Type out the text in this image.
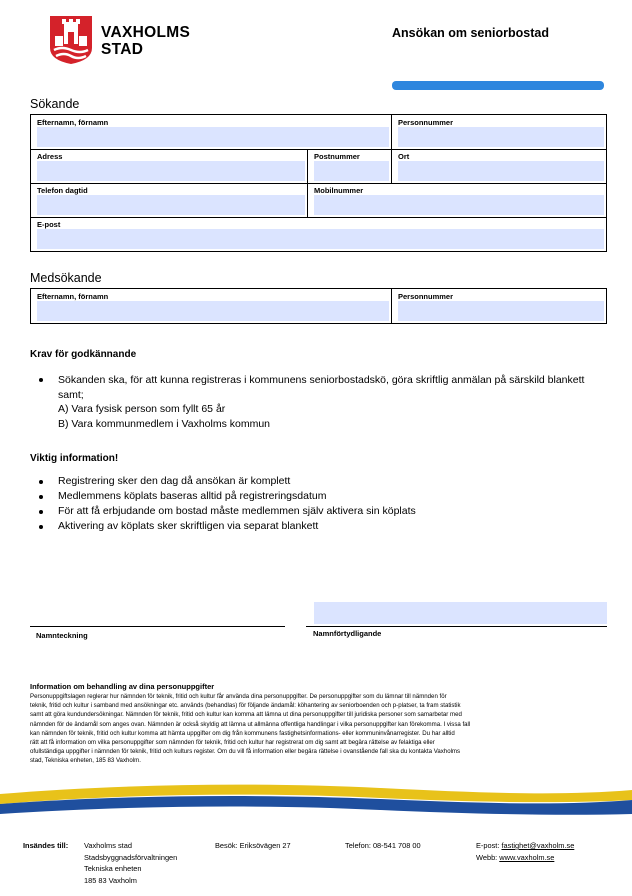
VAXHOLMS
STAD
Ansökan om seniorbostad
Sökande
Efternamn, förnamn	Personnummer
Adress	Postnummer	Ort
Telefon dagtid	Mobilnummer
E-post
Medsökande
Efternamn, förnamn	Personnummer
Krav för godkännande
Sökanden ska, för att kunna registreras i kommunens seniorbostadskö, göra skriftlig anmälan på särskild blankett
samt;
A) Vara fysisk person som fyllt 65 år
B) Vara kommunmedlem i Vaxholms kommun
Viktig information!
Registrering sker den dag då ansökan är komplett
Medlemmens köplats baseras alltid på registreringsdatum
För att få erbjudande om bostad måste medlemmen själv aktivera sin köplats
Aktivering av köplats sker skriftligen via separat blankett
Namnteckning	Namnförtydligande
Information om behandling av dina personuppgifter
Personuppgiftslagen reglerar hur nämnden för teknik, fritid och kultur får använda dina personuppgifter. De personuppgifter som du lämnar till nämnden för
teknik, fritid och kultur i samband med ansökningar etc. används (behandlas) för följande ändamål: köhantering av seniorboenden och p-platser, ta fram statistik
samt att göra kundundersökningar. Nämnden för teknik, fritid och kultur kan komma att lämna ut dina personuppgifter till juridiska personer som samarbetar med
nämnden för de ändamål som anges ovan. Nämnden är också skyldig att lämna ut allmänna offentliga handlingar i vilka personuppgifter kan förekomma. I vissa fall
kan nämnden för teknik, fritid och kultur komma att hämta uppgifter om dig från kommunens fastighetsinformations- eller kommuninvånarregister. Du har alltid
rätt att få information om vilka personuppgifter som nämnden för teknik, fritid och kultur har registrerat om dig samt att begära rättelse av felaktiga eller
ofullständiga uppgifter i nämnden för teknik, fritid och kulturs register. Om du vill få information eller begära rättelse i ovanstående fall ska du kontakta Vaxholms
stad, Tekniska enheten, 185 83 Vaxholm.
Insändes till: Vaxholms stad
Stadsbyggnadsförvaltningen
Tekniska enheten
185 83 Vaxholm
Besök: Eriksövägen 27	Telefon: 08-541 708 00	E-post: fastighet@vaxholm.se
Webb: www.vaxholm.se
